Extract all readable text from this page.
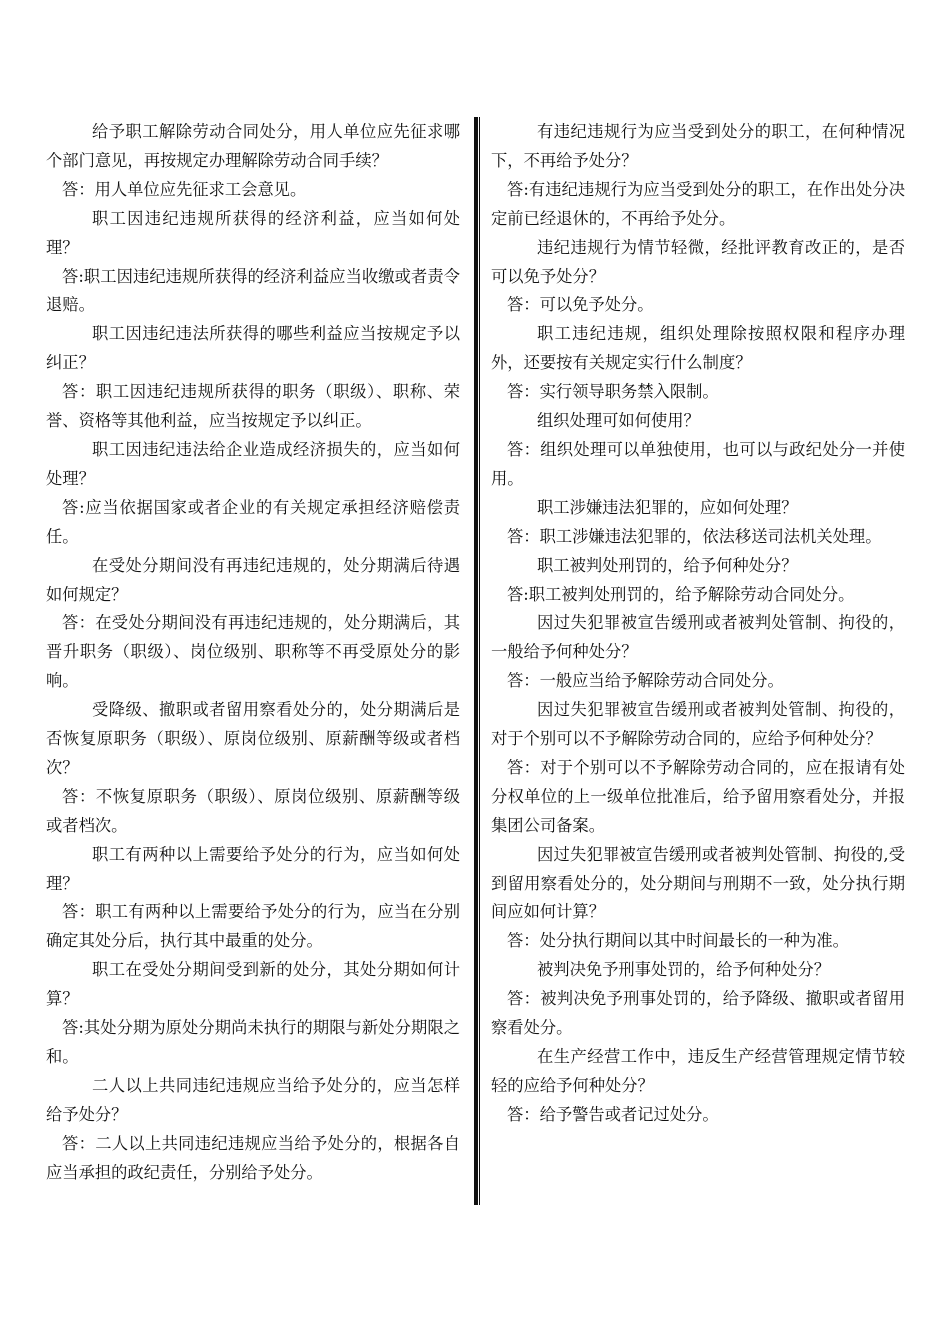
给予职工解除劳动合同处分，用人单位应先征求哪个部门意见，再按规定办理解除劳动合同手续？

答：用人单位应先征求工会意见。

职工因违纪违规所获得的经济利益，应当如何处理？

答:职工因违纪违规所获得的经济利益应当收缴或者责令退赔。

职工因违纪违法所获得的哪些利益应当按规定予以纠正？

答：职工因违纪违规所获得的职务（职级）、职称、荣誉、资格等其他利益，应当按规定予以纠正。

职工因违纪违法给企业造成经济损失的，应当如何处理？

答:应当依据国家或者企业的有关规定承担经济赔偿责任。

在受处分期间没有再违纪违规的，处分期满后待遇如何规定？

答：在受处分期间没有再违纪违规的，处分期满后，其晋升职务（职级）、岗位级别、职称等不再受原处分的影响。

受降级、撤职或者留用察看处分的，处分期满后是否恢复原职务（职级）、原岗位级别、原薪酬等级或者档次？

答：不恢复原职务（职级）、原岗位级别、原薪酬等级或者档次。

职工有两种以上需要给予处分的行为，应当如何处理？

答：职工有两种以上需要给予处分的行为，应当在分别确定其处分后，执行其中最重的处分。

职工在受处分期间受到新的处分，其处分期如何计算？

答:其处分期为原处分期尚未执行的期限与新处分期限之和。

二人以上共同违纪违规应当给予处分的，应当怎样给予处分？

答：二人以上共同违纪违规应当给予处分的，根据各自应当承担的政纪责任，分别给予处分。

有违纪违规行为应当受到处分的职工，在何种情况下，不再给予处分？

答:有违纪违规行为应当受到处分的职工，在作出处分决定前已经退休的，不再给予处分。

违纪违规行为情节轻微，经批评教育改正的，是否可以免予处分？

答：可以免予处分。

职工违纪违规，组织处理除按照权限和程序办理外，还要按有关规定实行什么制度？

答：实行领导职务禁入限制。

组织处理可如何使用？

答：组织处理可以单独使用，也可以与政纪处分一并使用。

职工涉嫌违法犯罪的，应如何处理？

答：职工涉嫌违法犯罪的，依法移送司法机关处理。

职工被判处刑罚的，给予何种处分？

答:职工被判处刑罚的，给予解除劳动合同处分。

因过失犯罪被宣告缓刑或者被判处管制、拘役的，一般给予何种处分？

答：一般应当给予解除劳动合同处分。

因过失犯罪被宣告缓刑或者被判处管制、拘役的，对于个别可以不予解除劳动合同的，应给予何种处分？

答：对于个别可以不予解除劳动合同的，应在报请有处分权单位的上一级单位批准后，给予留用察看处分，并报集团公司备案。

因过失犯罪被宣告缓刑或者被判处管制、拘役的,受到留用察看处分的，处分期间与刑期不一致，处分执行期间应如何计算？

答：处分执行期间以其中时间最长的一种为准。

被判决免予刑事处罚的，给予何种处分？

答：被判决免予刑事处罚的，给予降级、撤职或者留用察看处分。

在生产经营工作中，违反生产经营管理规定情节较轻的应给予何种处分？

答：给予警告或者记过处分。
